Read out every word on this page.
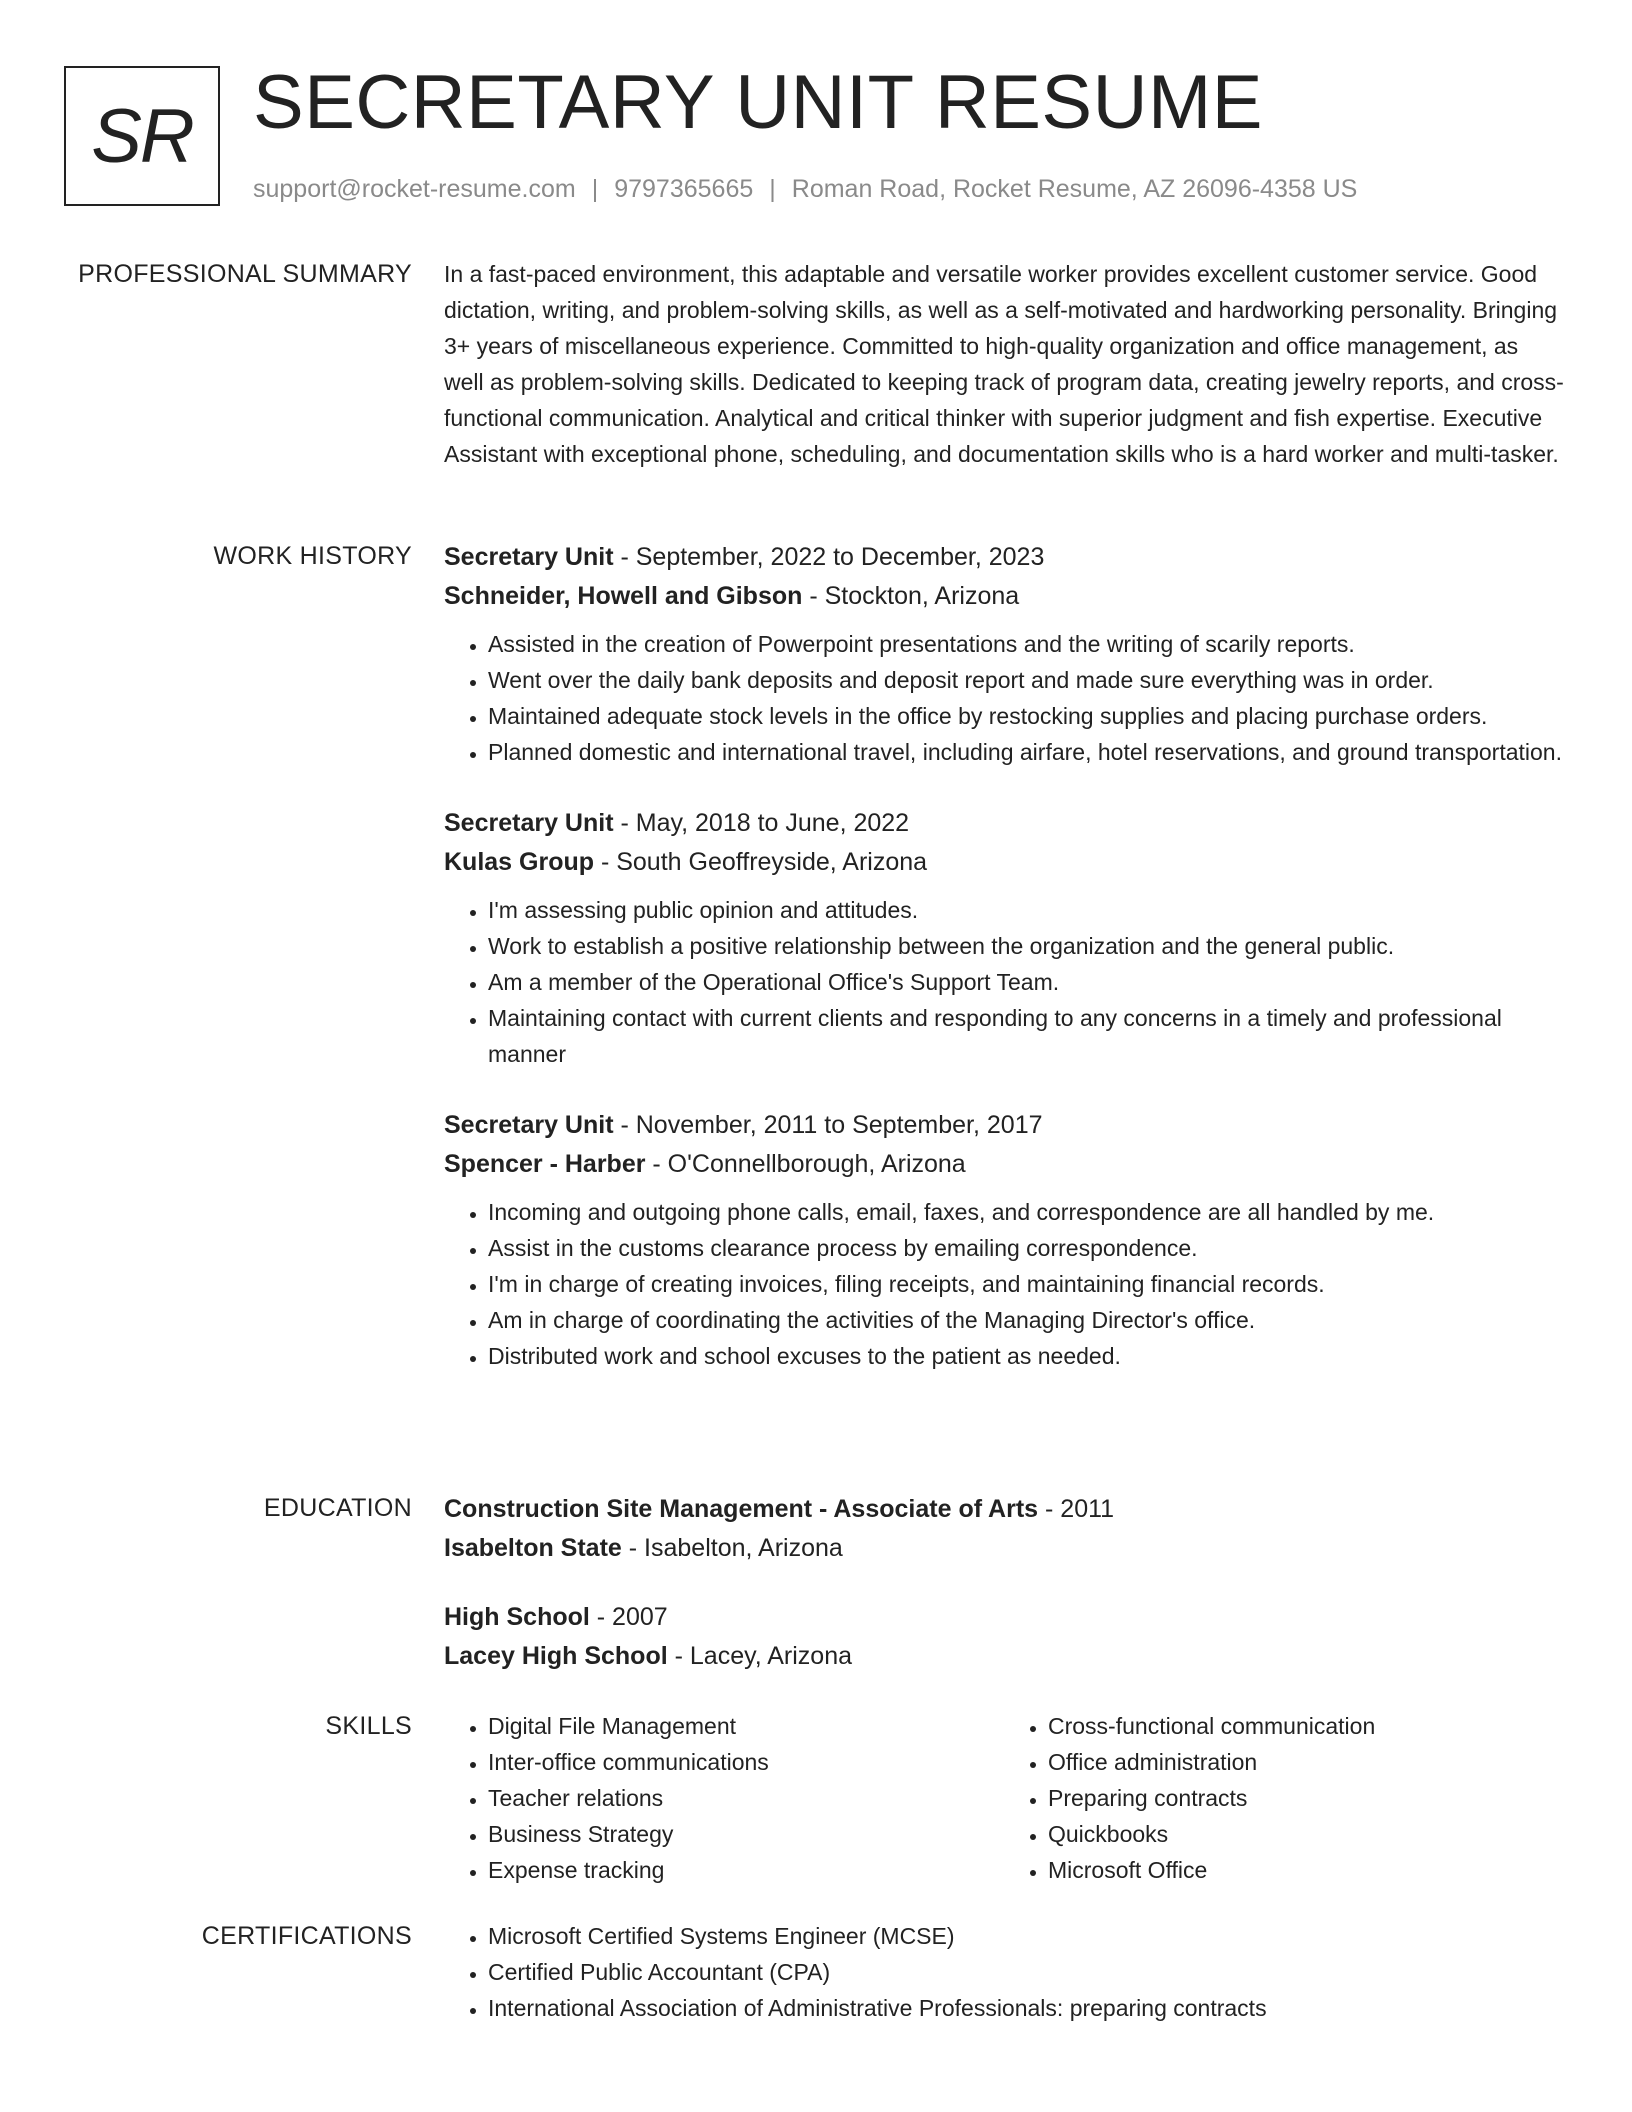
SR SECRETARY UNIT RESUME
support@rocket-resume.com | 9797365665 | Roman Road, Rocket Resume, AZ 26096-4358 US
PROFESSIONAL SUMMARY In a fast-paced environment, this adaptable and versatile worker provides excellent customer service. Good dictation, writing, and problem-solving skills, as well as a self-motivated and hardworking personality. Bringing 3+ years of miscellaneous experience. Committed to high-quality organization and office management, as well as problem-solving skills. Dedicated to keeping track of program data, creating jewelry reports, and cross-functional communication. Analytical and critical thinker with superior judgment and fish expertise. Executive Assistant with exceptional phone, scheduling, and documentation skills who is a hard worker and multi-tasker.

WORK HISTORY Secretary Unit - September, 2022 to December, 2023
Schneider, Howell and Gibson - Stockton, Arizona
• Assisted in the creation of Powerpoint presentations and the writing of scarily reports.
• Went over the daily bank deposits and deposit report and made sure everything was in order.
• Maintained adequate stock levels in the office by restocking supplies and placing purchase orders.
• Planned domestic and international travel, including airfare, hotel reservations, and ground transportation.
Secretary Unit - May, 2018 to June, 2022
Kulas Group - South Geoffreyside, Arizona
• I'm assessing public opinion and attitudes.
• Work to establish a positive relationship between the organization and the general public.
• Am a member of the Operational Office's Support Team.
• Maintaining contact with current clients and responding to any concerns in a timely and professional manner
Secretary Unit - November, 2011 to September, 2017
Spencer - Harber - O'Connellborough, Arizona
• Incoming and outgoing phone calls, email, faxes, and correspondence are all handled by me.
• Assist in the customs clearance process by emailing correspondence.
• I'm in charge of creating invoices, filing receipts, and maintaining financial records.
• Am in charge of coordinating the activities of the Managing Director's office.
• Distributed work and school excuses to the patient as needed.
EDUCATION Construction Site Management - Associate of Arts - 2011
Isabelton State - Isabelton, Arizona
High School - 2007
Lacey High School - Lacey, Arizona
SKILLS	• Digital File Management
• Inter-office communications
• Teacher relations
• Business Strategy
• Expense tracking
• Cross-functional communication
• Office administration
• Preparing contracts
• Quickbooks
• Microsoft Office
CERTIFICATIONS	• Microsoft Certified Systems Engineer (MCSE)
• Certified Public Accountant (CPA)
• International Association of Administrative Professionals: preparing contracts
